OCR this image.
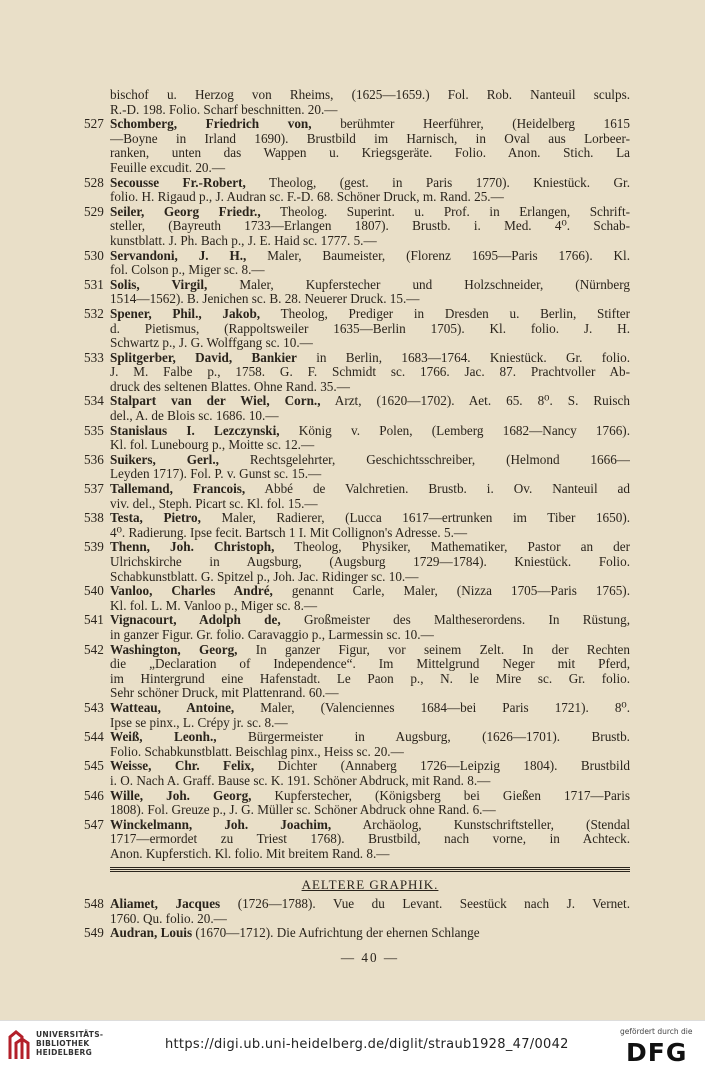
bischof u. Herzog von Rheims, (1625—1659.) Fol. Rob. Nanteuil sculps.
R.-D. 198. Folio. Scharf beschnitten. 20.—
527 Schomberg, Friedrich von, berühmter Heerführer, (Heidelberg 1615
—Boyne in Irland 1690). Brustbild im Harnisch, in Oval aus Lorbeer-
ranken, unten das Wappen u. Kriegsgeräte. Folio. Anon. Stich. La
Feuille excudit. 20.—
528 Secousse Fr.-Robert, Theolog, (gest. in Paris 1770). Kniestück. Gr.
folio. H. Rigaud p., J. Audran sc. F.-D. 68. Schöner Druck, m. Rand. 25.—
529 Seiler, Georg Friedr., Theolog. Superint. u. Prof. in Erlangen, Schrift-
steller, (Bayreuth 1733—Erlangen 1807). Brustb. i. Med. 4⁰. Schab-
kunstblatt. J. Ph. Bach p., J. E. Haid sc. 1777. 5.—
530 Servandoni, J. H., Maler, Baumeister, (Florenz 1695—Paris 1766). Kl.
fol. Colson p., Miger sc. 8.—
531 Solis, Virgil, Maler, Kupferstecher und Holzschneider, (Nürnberg
1514—1562). B. Jenichen sc. B. 28. Neuerer Druck. 15.—
532 Spener, Phil., Jakob, Theolog, Prediger in Dresden u. Berlin, Stifter
d. Pietismus, (Rappoltsweiler 1635—Berlin 1705). Kl. folio. J. H.
Schwartz p., J. G. Wolffgang sc. 10.—
533 Splitgerber, David, Bankier in Berlin, 1683—1764. Kniestück. Gr. folio.
J. M. Falbe p., 1758. G. F. Schmidt sc. 1766. Jac. 87. Prachtvoller Ab-
druck des seltenen Blattes. Ohne Rand. 35.—
534 Stalpart van der Wiel, Corn., Arzt, (1620—1702). Aet. 65. 8⁰. S. Ruisch
del., A. de Blois sc. 1686. 10.—
535 Stanislaus I. Lezczynski, König v. Polen, (Lemberg 1682—Nancy 1766).
Kl. fol. Lunebourg p., Moitte sc. 12.—
536 Suikers, Gerl., Rechtsgelehrter, Geschichtsschreiber, (Helmond 1666—
Leyden 1717). Fol. P. v. Gunst sc. 15.—
537 Tallemand, Francois, Abbé de Valchretien. Brustb. i. Ov. Nanteuil ad
viv. del., Steph. Picart sc. Kl. fol. 15.—
538 Testa, Pietro, Maler, Radierer, (Lucca 1617—ertrunken im Tiber 1650).
4⁰. Radierung. Ipse fecit. Bartsch 1 I. Mit Collignon's Adresse. 5.—
539 Thenn, Joh. Christoph, Theolog, Physiker, Mathematiker, Pastor an der
Ulrichskirche in Augsburg, (Augsburg 1729—1784). Kniestück. Folio.
Schabkunstblatt. G. Spitzel p., Joh. Jac. Ridinger sc. 10.—
540 Vanloo, Charles André, genannt Carle, Maler, (Nizza 1705—Paris 1765).
Kl. fol. L. M. Vanloo p., Miger sc. 8.—
541 Vignacourt, Adolph de, Großmeister des Maltheserordens. In Rüstung,
in ganzer Figur. Gr. folio. Caravaggio p., Larmessin sc. 10.—
542 Washington, Georg, In ganzer Figur, vor seinem Zelt. In der Rechten
die „Declaration of Independence“. Im Mittelgrund Neger mit Pferd,
im Hintergrund eine Hafenstadt. Le Paon p., N. le Mire sc. Gr. folio.
Sehr schöner Druck, mit Plattenrand. 60.—
543 Watteau, Antoine, Maler, (Valenciennes 1684—bei Paris 1721). 8⁰.
Ipse se pinx., L. Crépy jr. sc. 8.—
544 Weiß, Leonh., Bürgermeister in Augsburg, (1626—1701). Brustb.
Folio. Schabkunstblatt. Beischlag pinx., Heiss sc. 20.—
545 Weisse, Chr. Felix, Dichter (Annaberg 1726—Leipzig 1804). Brustbild
i. O. Nach A. Graff. Bause sc. K. 191. Schöner Abdruck, mit Rand. 8.—
546 Wille, Joh. Georg, Kupferstecher, (Königsberg bei Gießen 1717—Paris
1808). Fol. Greuze p., J. G. Müller sc. Schöner Abdruck ohne Rand. 6.—
547 Winckelmann, Joh. Joachim, Archäolog, Kunstschriftsteller, (Stendal
1717—ermordet zu Triest 1768). Brustbild, nach vorne, in Achteck.
Anon. Kupferstich. Kl. folio. Mit breitem Rand. 8.—
AELTERE GRAPHIK.
548 Aliamet, Jacques (1726—1788). Vue du Levant. Seestück nach J. Vernet.
1760. Qu. folio. 20.—
549 Audran, Louis (1670—1712). Die Aufrichtung der ehernen Schlange
— 40 —
UNIVERSITÄTS-
BIBLIOTHEK
HEIDELBERG
https://digi.ub.uni-heidelberg.de/diglit/straub1928_47/0042
gefördert durch die
DFG
